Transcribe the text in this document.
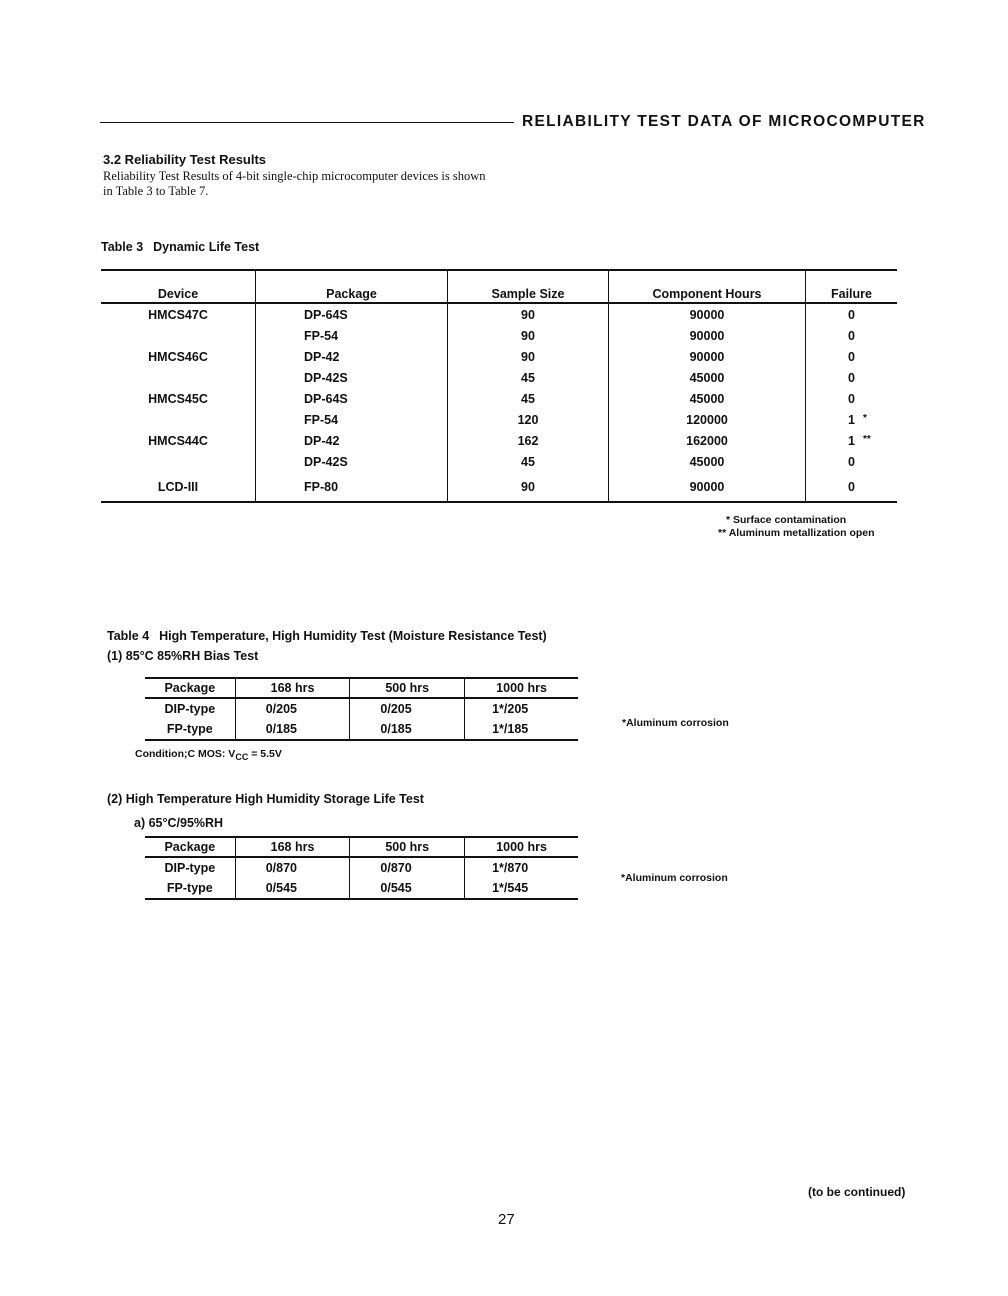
RELIABILITY TEST DATA OF MICROCOMPUTER
3.2 Reliability Test Results
Reliability Test Results of 4-bit single-chip microcomputer devices is shown in Table 3 to Table 7.
Table 3 Dynamic Life Test
Device	Package	Sample Size	Component Hours	Failure
HMCS47C	DP-64S	90	90000	0
	FP-54	90	90000	0
HMCS46C	DP-42	90	90000	0
	DP-42S	45	45000	0
HMCS45C	DP-64S	45	45000	0
	FP-54	120	120000	1 *
HMCS44C	DP-42	162	162000	1 **
	DP-42S	45	45000	0
LCD-III	FP-80	90	90000	0
* Surface contamination
** Aluminum metallization open
Table 4 High Temperature, High Humidity Test (Moisture Resistance Test)
(1) 85°C 85%RH Bias Test
Package	168 hrs	500 hrs	1000 hrs
DIP-type	0/205	0/205	1*/205
FP-type	0/185	0/185	1*/185	*Aluminum corrosion
Condition;C MOS: $V_{CC} = 5.5V$
(2) High Temperature High Humidity Storage Life Test
a) 65°C/95%RH
Package	168 hrs	500 hrs	1000 hrs
DIP-type	0/870	0/870	1*/870
FP-type	0/545	0/545	1*/545
*Aluminum corrosion
(to be continued)
27
